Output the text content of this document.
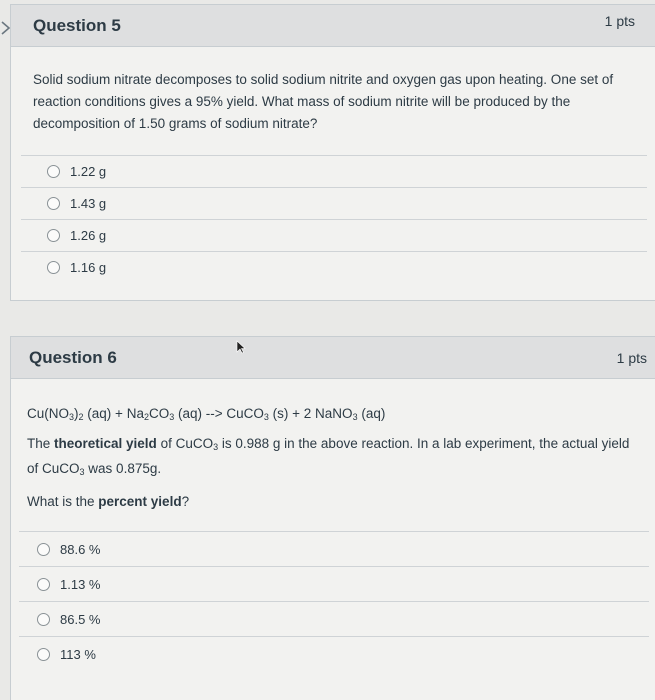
Question 5	1 pts
Solid sodium nitrate decomposes to solid sodium nitrite and oxygen gas upon heating. One set of reaction conditions gives a 95% yield. What mass of sodium nitrite will be produced by the decomposition of 1.50 grams of sodium nitrate?
1.22 g
1.43 g
1.26 g
1.16 g
Question 6	1 pts
$Cu(NO_3)_2$ $(aq) + Na_2CO_3$ (aq) --> CuCO$_3$ (s) + 2 NaNO$_3$ (aq)
The theoretical yield of CuCO$_3$ is 0.988 g in the above reaction. In a lab experiment, the actual yield of CuCO$_3$ was 0.875g.
What is the percent yield?
88.6 %
1.13 %
86.5 %
113 %
